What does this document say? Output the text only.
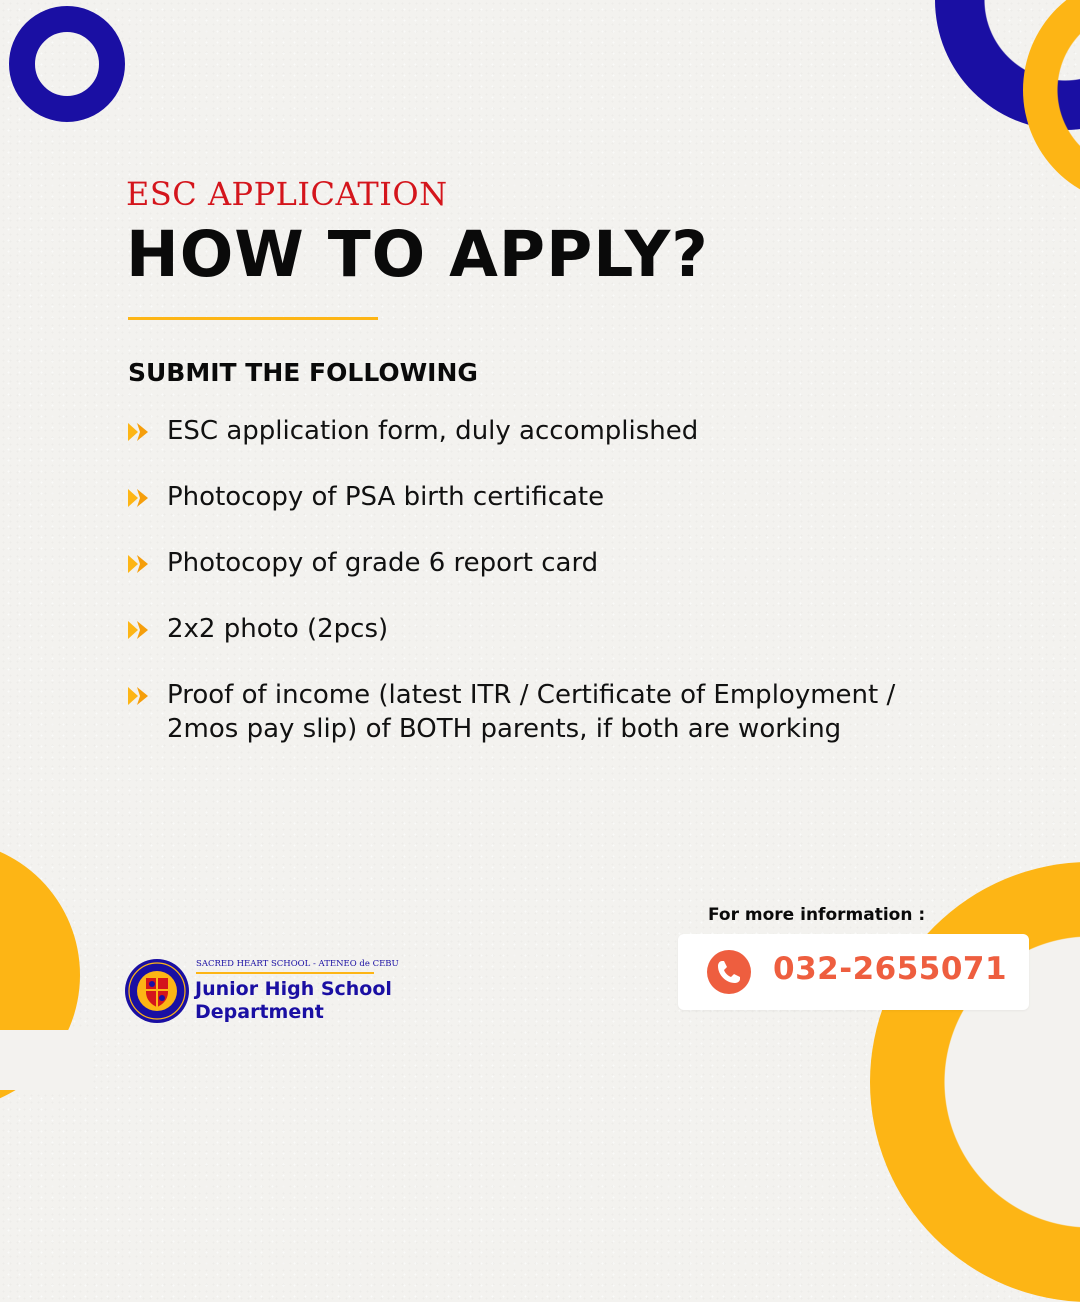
ESC APPLICATION
HOW TO APPLY?
SUBMIT THE FOLLOWING
ESC application form, duly accomplished
Photocopy of PSA birth certificate
Photocopy of grade 6 report card
2x2 photo (2pcs)
Proof of income (latest ITR / Certificate of Employment / 2mos pay slip) of BOTH parents, if both are working

For more information :

032-2655071
SACRED HEART SCHOOL - ATENEO de CEBU
Junior High School
Department
